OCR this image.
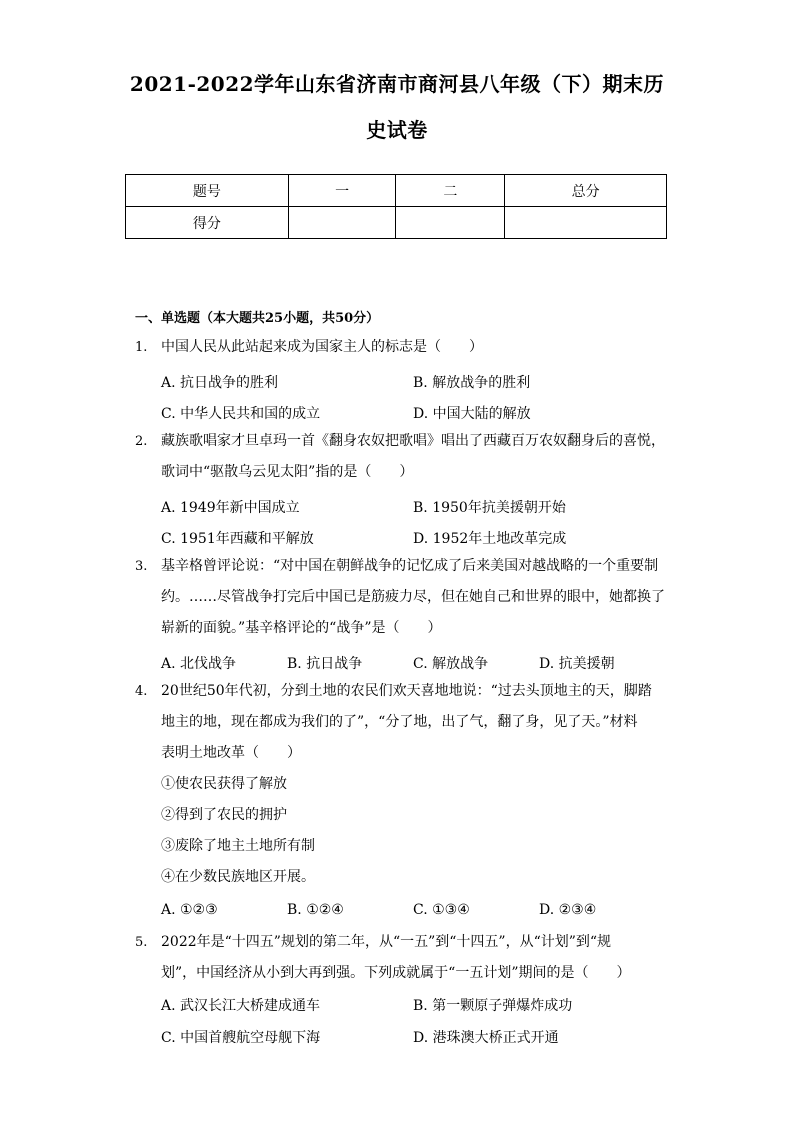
2021-2022学年山东省济南市商河县八年级（下）期末历
史试卷
题号	一	二	总分
得分			
一、单选题（本大题共25小题，共50分）
1. 中国人民从此站起来成为国家主人的标志是（　　）
A. 抗日战争的胜利	B. 解放战争的胜利
C. 中华人民共和国的成立	D. 中国大陆的解放
2. 藏族歌唱家才旦卓玛一首《翻身农奴把歌唱》唱出了西藏百万农奴翻身后的喜悦，
歌词中“驱散乌云见太阳”指的是（　　）
A. 1949年新中国成立	B. 1950年抗美援朝开始
C. 1951年西藏和平解放	D. 1952年土地改革完成
3. 基辛格曾评论说：“对中国在朝鲜战争的记忆成了后来美国对越战略的一个重要制
约。……尽管战争打完后中国已是筋疲力尽，但在她自己和世界的眼中，她都换了
崭新的面貌。”基辛格评论的“战争”是（　　）
A. 北伐战争	B. 抗日战争	C. 解放战争	D. 抗美援朝
4. 20世纪50年代初，分到土地的农民们欢天喜地地说：“过去头顶地主的天，脚踏
地主的地，现在都成为我们的了”，“分了地，出了气，翻了身，见了天。”材料
表明土地改革（　　）
①使农民获得了解放
②得到了农民的拥护
③废除了地主土地所有制
④在少数民族地区开展。
A. ①②③	B. ①②④	C. ①③④	D. ②③④
5. 2022年是“十四五”规划的第二年，从“一五”到“十四五”，从“计划”到“规
划”，中国经济从小到大再到强。下列成就属于“一五计划”期间的是（　　）
A. 武汉长江大桥建成通车	B. 第一颗原子弹爆炸成功
C. 中国首艘航空母舰下海	D. 港珠澳大桥正式开通
